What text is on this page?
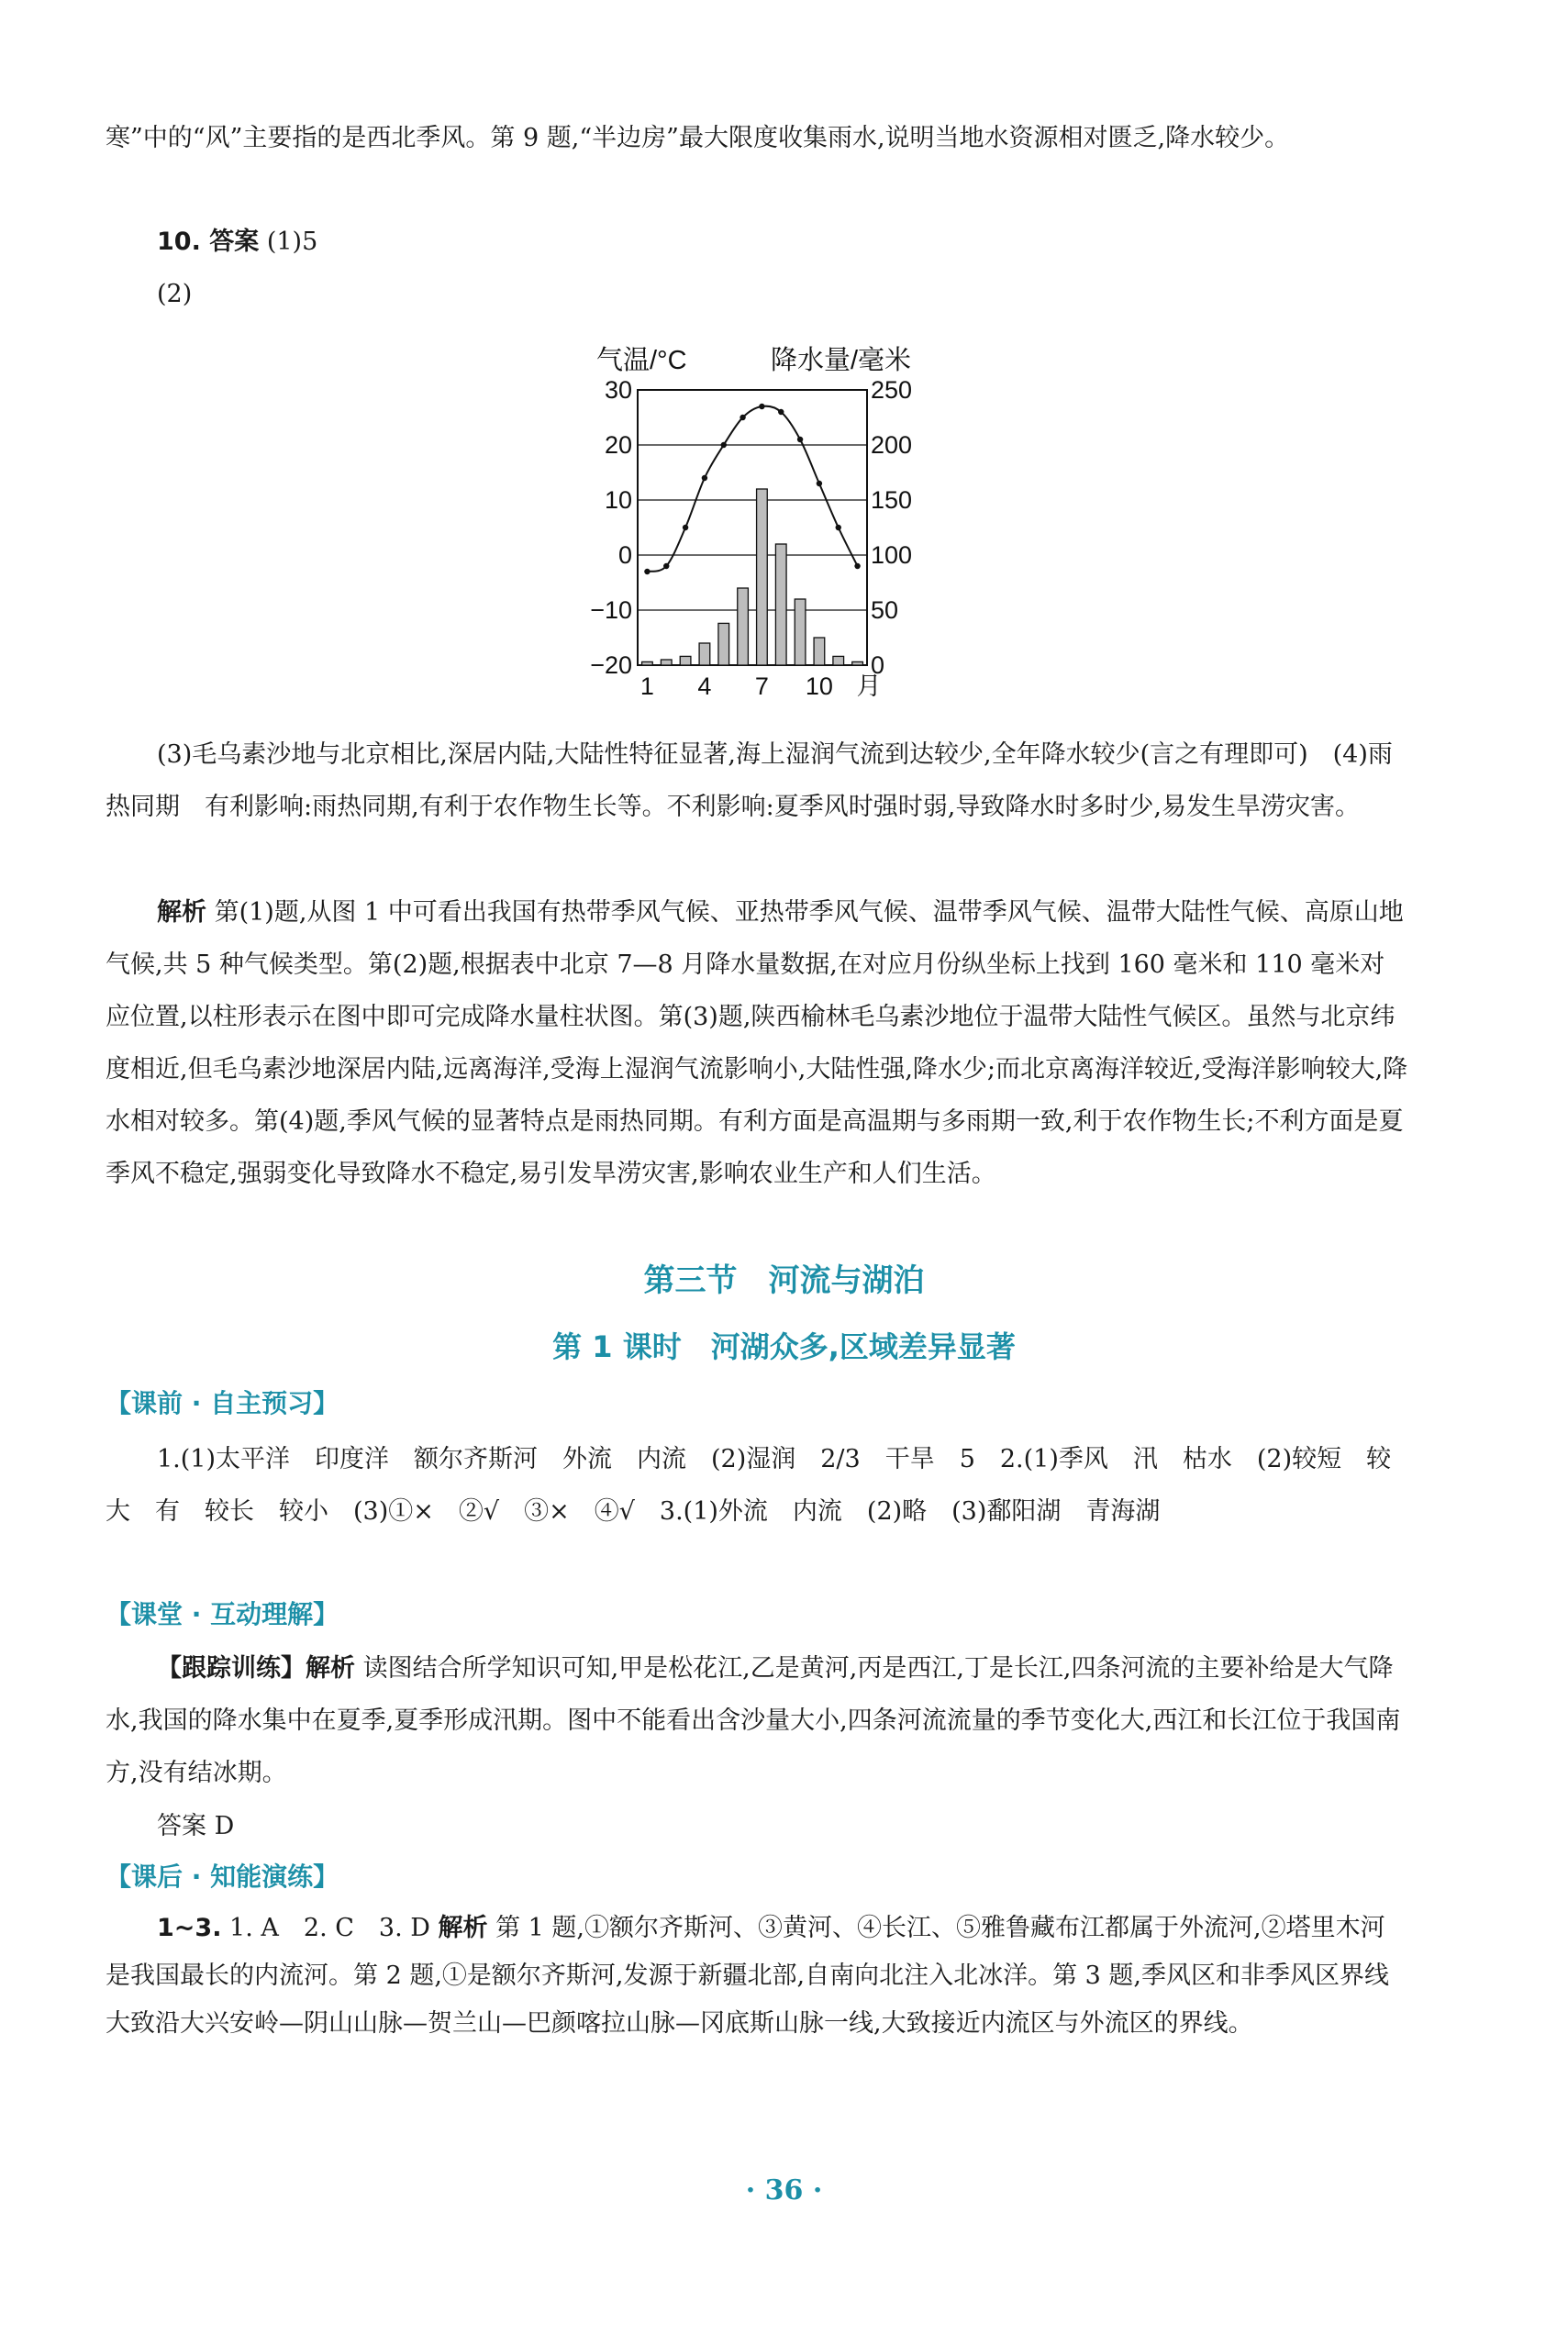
寒”中的“风”主要指的是西北季风。第 9 题,“半边房”最大限度收集雨水,说明当地水资源相对匮乏,降水较少。

10. 答案 (1)5

(2)

气温/°C	降水量/毫米
30
20
10
0
−10
−20
250
200
150
100
50
0
1 4 7 10 月

(3)毛乌素沙地与北京相比,深居内陆,大陆性特征显著,海上湿润气流到达较少,全年降水较少(言之有理即可)　(4)雨热同期　有利影响:雨热同期,有利于农作物生长等。不利影响:夏季风时强时弱,导致降水时多时少,易发生旱涝灾害。

解析 第(1)题,从图 1 中可看出我国有热带季风气候、亚热带季风气候、温带季风气候、温带大陆性气候、高原山地气候,共 5 种气候类型。第(2)题,根据表中北京 7—8 月降水量数据,在对应月份纵坐标上找到 160 毫米和 110 毫米对应位置,以柱形表示在图中即可完成降水量柱状图。第(3)题,陕西榆林毛乌素沙地位于温带大陆性气候区。虽然与北京纬度相近,但毛乌素沙地深居内陆,远离海洋,受海上湿润气流影响小,大陆性强,降水少;而北京离海洋较近,受海洋影响较大,降水相对较多。第(4)题,季风气候的显著特点是雨热同期。有利方面是高温期与多雨期一致,利于农作物生长;不利方面是夏季风不稳定,强弱变化导致降水不稳定,易引发旱涝灾害,影响农业生产和人们生活。

第三节　河流与湖泊
第 1 课时　河湖众多,区域差异显著
【课前 · 自主预习】

1.(1)太平洋　印度洋　额尔齐斯河　外流　内流　(2)湿润　2/3　干旱　5　2.(1)季风　汛　枯水　(2)较短　较大　有　较长　较小　(3)①×　②√　③×　④√　3.(1)外流　内流　(2)略　(3)鄱阳湖　青海湖

【课堂 · 互动理解】

【跟踪训练】解析 读图结合所学知识可知,甲是松花江,乙是黄河,丙是西江,丁是长江,四条河流的主要补给是大气降水,我国的降水集中在夏季,夏季形成汛期。图中不能看出含沙量大小,四条河流流量的季节变化大,西江和长江位于我国南方,没有结冰期。

答案 D

【课后 · 知能演练】

1~3. 1. A　2. C　3. D 解析 第 1 题,①额尔齐斯河、③黄河、④长江、⑤雅鲁藏布江都属于外流河,②塔里木河是我国最长的内流河。第 2 题,①是额尔齐斯河,发源于新疆北部,自南向北注入北冰洋。第 3 题,季风区和非季风区界线大致沿大兴安岭—阴山山脉—贺兰山—巴颜喀拉山脉—冈底斯山脉一线,大致接近内流区与外流区的界线。

· 36 ·
